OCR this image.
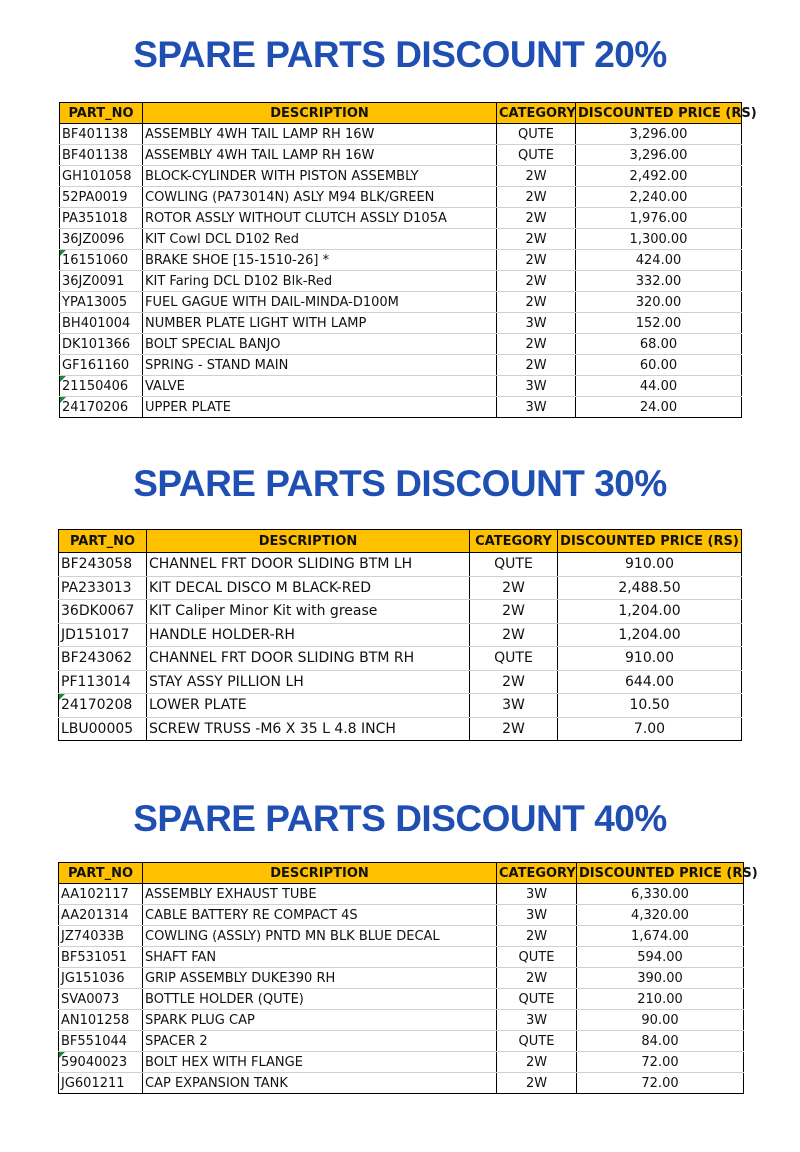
SPARE PARTS DISCOUNT 20%
PART_NO	DESCRIPTION	CATEGORY	DISCOUNTED PRICE (RS)
BF401138	ASSEMBLY 4WH TAIL LAMP RH 16W	QUTE	3,296.00
BF401138	ASSEMBLY 4WH TAIL LAMP RH 16W	QUTE	3,296.00
GH101058	BLOCK-CYLINDER WITH PISTON ASSEMBLY	2W	2,492.00
52PA0019	COWLING (PA73014N) ASLY M94 BLK/GREEN	2W	2,240.00
PA351018	ROTOR ASSLY WITHOUT CLUTCH ASSLY D105A	2W	1,976.00
36JZ0096	KIT Cowl DCL D102 Red	2W	1,300.00
16151060	BRAKE SHOE [15-1510-26] *	2W	424.00
36JZ0091	KIT Faring DCL D102 Blk-Red	2W	332.00
YPA13005	FUEL GAGUE WITH DAIL-MINDA-D100M	2W	320.00
BH401004	NUMBER PLATE LIGHT WITH LAMP	3W	152.00
DK101366	BOLT SPECIAL BANJO	2W	68.00
GF161160	SPRING - STAND MAIN	2W	60.00
21150406	VALVE	3W	44.00
24170206	UPPER PLATE	3W	24.00
SPARE PARTS DISCOUNT 30%
PART_NO	DESCRIPTION	CATEGORY	DISCOUNTED PRICE (RS)
BF243058	CHANNEL FRT DOOR SLIDING BTM LH	QUTE	910.00
PA233013	KIT DECAL DISCO M BLACK-RED	2W	2,488.50
36DK0067	KIT Caliper Minor Kit with grease	2W	1,204.00
JD151017	HANDLE HOLDER-RH	2W	1,204.00
BF243062	CHANNEL FRT DOOR SLIDING BTM RH	QUTE	910.00
PF113014	STAY ASSY PILLION LH	2W	644.00
24170208	LOWER PLATE	3W	10.50
LBU00005	SCREW TRUSS -M6 X 35 L 4.8 INCH	2W	7.00
SPARE PARTS DISCOUNT 40%
PART_NO	DESCRIPTION	CATEGORY	DISCOUNTED PRICE (RS)
AA102117	ASSEMBLY EXHAUST TUBE	3W	6,330.00
AA201314	CABLE BATTERY RE COMPACT 4S	3W	4,320.00
JZ74033B	COWLING (ASSLY) PNTD MN BLK BLUE DECAL	2W	1,674.00
BF531051	SHAFT FAN	QUTE	594.00
JG151036	GRIP ASSEMBLY DUKE390 RH	2W	390.00
SVA0073	BOTTLE HOLDER (QUTE)	QUTE	210.00
AN101258	SPARK PLUG CAP	3W	90.00
BF551044	SPACER 2	QUTE	84.00
59040023	BOLT HEX WITH FLANGE	2W	72.00
JG601211	CAP EXPANSION TANK	2W	72.00
